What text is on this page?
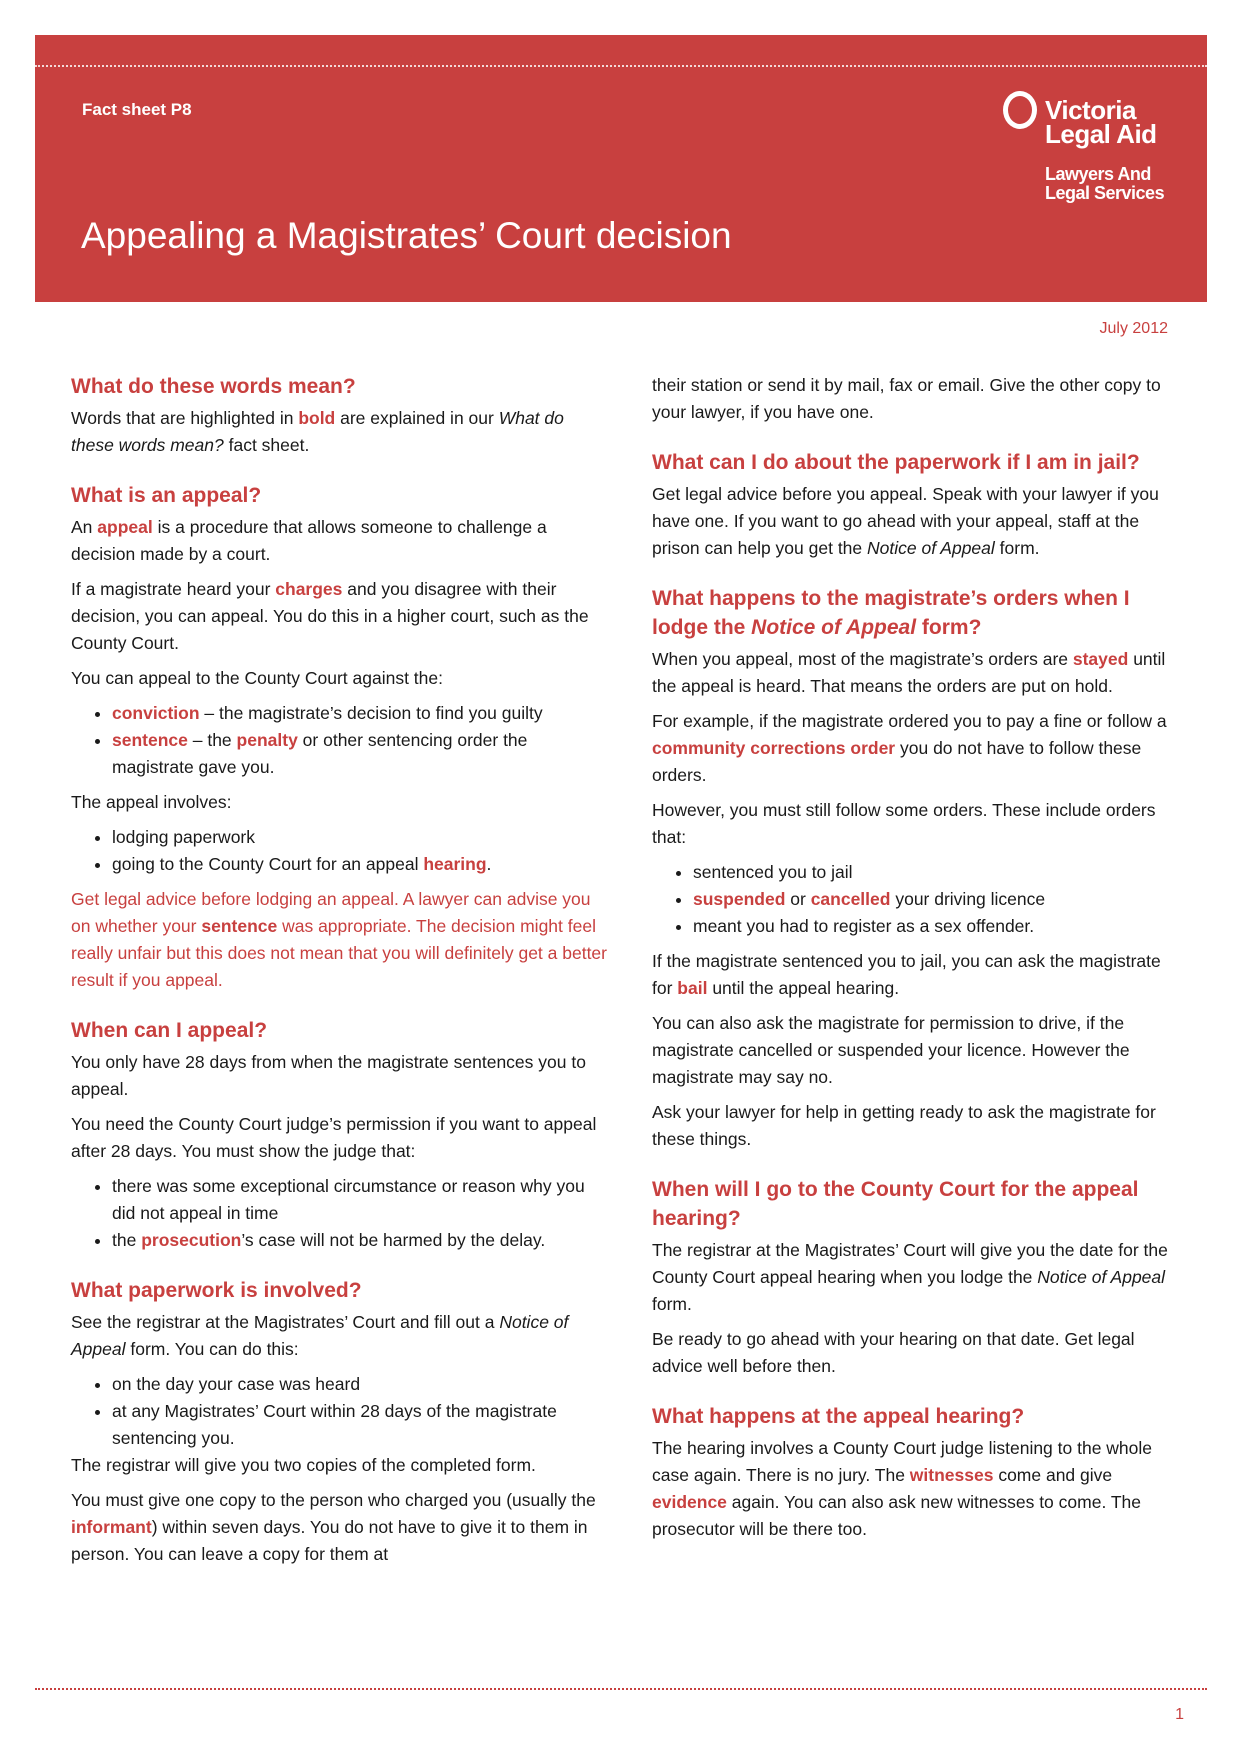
Fact sheet P8
Appealing a Magistrates’ Court decision
Victoria
Legal Aid
Lawyers And
Legal Services
July 2012
What do these words mean?

Words that are highlighted in bold are explained in our What do these words mean? fact sheet.

What is an appeal?

An appeal is a procedure that allows someone to challenge a decision made by a court.

If a magistrate heard your charges and you disagree with their decision, you can appeal. You do this in a higher court, such as the County Court.

You can appeal to the County Court against the:

• conviction – the magistrate’s decision to find you guilty
• sentence – the penalty or other sentencing order the magistrate gave you.

The appeal involves:

• lodging paperwork
• going to the County Court for an appeal hearing.

Get legal advice before lodging an appeal. A lawyer can advise you on whether your sentence was appropriate. The decision might feel really unfair but this does not mean that you will definitely get a better result if you appeal.

When can I appeal?

You only have 28 days from when the magistrate sentences you to appeal.

You need the County Court judge’s permission if you want to appeal after 28 days. You must show the judge that:

• there was some exceptional circumstance or reason why you did not appeal in time
• the prosecution’s case will not be harmed by the delay.
What paperwork is involved?

See the registrar at the Magistrates’ Court and fill out a Notice of Appeal form. You can do this:

• on the day your case was heard
• at any Magistrates’ Court within 28 days of the magistrate sentencing you.

The registrar will give you two copies of the completed form.

You must give one copy to the person who charged you (usually the informant) within seven days. You do not have to give it to them in person. You can leave a copy for them at

their station or send it by mail, fax or email. Give the other copy to your lawyer, if you have one.

What can I do about the paperwork if I am in jail?

Get legal advice before you appeal. Speak with your lawyer if you have one. If you want to go ahead with your appeal, staff at the prison can help you get the Notice of Appeal form.

What happens to the magistrate’s orders when I lodge the Notice of Appeal form?

When you appeal, most of the magistrate’s orders are stayed until the appeal is heard. That means the orders are put on hold.

For example, if the magistrate ordered you to pay a fine or follow a community corrections order you do not have to follow these orders.

However, you must still follow some orders. These include orders that:

• sentenced you to jail
• suspended or cancelled your driving licence
• meant you had to register as a sex offender.

If the magistrate sentenced you to jail, you can ask the magistrate for bail until the appeal hearing.

You can also ask the magistrate for permission to drive, if the magistrate cancelled or suspended your licence. However the magistrate may say no.

Ask your lawyer for help in getting ready to ask the magistrate for these things.

When will I go to the County Court for the appeal hearing?

The registrar at the Magistrates’ Court will give you the date for the County Court appeal hearing when you lodge the Notice of Appeal form.

Be ready to go ahead with your hearing on that date. Get legal advice well before then.

What happens at the appeal hearing?

The hearing involves a County Court judge listening to the whole case again. There is no jury. The witnesses come and give evidence again. You can also ask new witnesses to come. The prosecutor will be there too.

1
